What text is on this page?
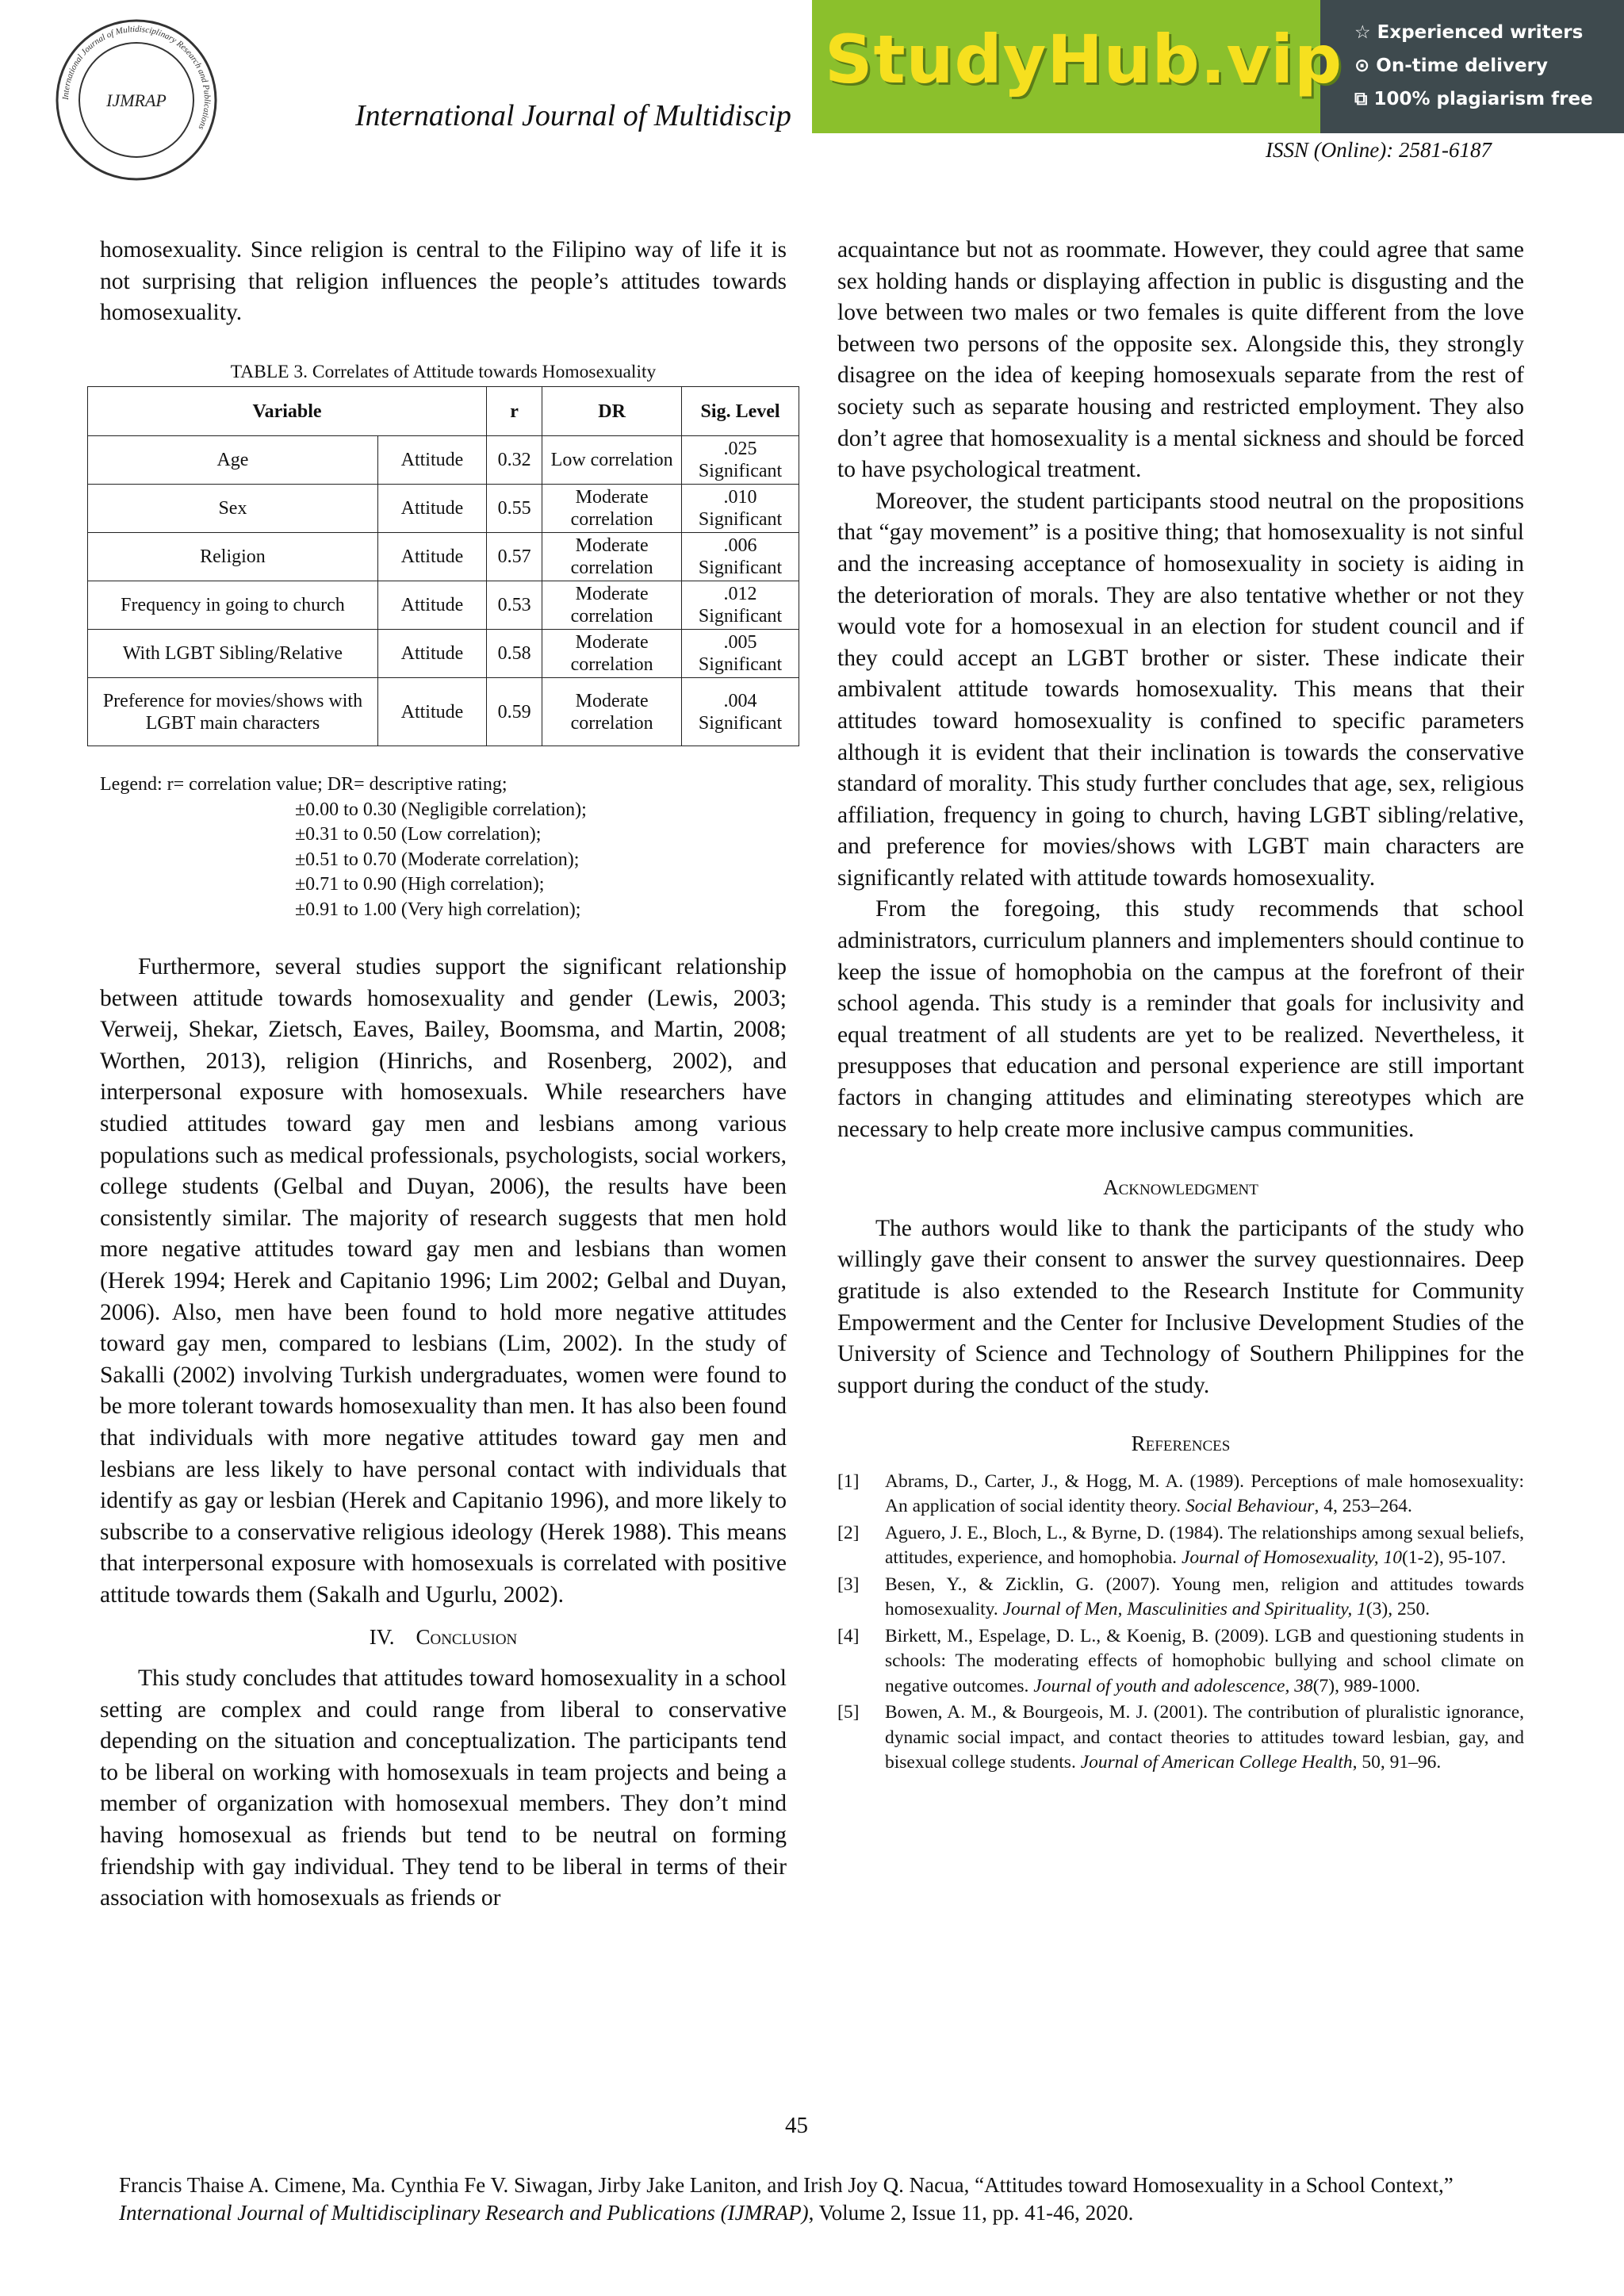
International Journal of Multidisciplinary Research and Publications
IJMRAP	International Journal of Multidiscip
ISSN (Online): 2581-6187
StudyHub.vip ☆ Experienced writers
⊙ On-time delivery
⧉ 100% plagiarism free

homosexuality. Since religion is central to the Filipino way of life it is not surprising that religion influences the people’s attitudes towards homosexuality.

TABLE 3. Correlates of Attitude towards Homosexuality
Variable		r	DR	Sig. Level
Age	Attitude	0.32	Low correlation	.025 Significant
Sex	Attitude	0.55	Moderate correlation	.010 Significant
Religion	Attitude	0.57	Moderate correlation	.006 Significant
Frequency in going to church	Attitude	0.53	Moderate correlation	.012 Significant
With LGBT Sibling/Relative	Attitude	0.58	Moderate correlation	.005 Significant
Preference for movies/shows with LGBT main characters	Attitude	0.59	Moderate correlation	.004 Significant
Legend: r= correlation value; DR= descriptive rating;
±0.00 to 0.30 (Negligible correlation);
±0.31 to 0.50 (Low correlation);
±0.51 to 0.70 (Moderate correlation);
±0.71 to 0.90 (High correlation);
±0.91 to 1.00 (Very high correlation);

Furthermore, several studies support the significant relationship between attitude towards homosexuality and gender (Lewis, 2003; Verweij, Shekar, Zietsch, Eaves, Bailey, Boomsma, and Martin, 2008; Worthen, 2013), religion (Hinrichs, and Rosenberg, 2002), and interpersonal exposure with homosexuals. While researchers have studied attitudes toward gay men and lesbians among various populations such as medical professionals, psychologists, social workers, college students (Gelbal and Duyan, 2006), the results have been consistently similar. The majority of research suggests that men hold more negative attitudes toward gay men and lesbians than women (Herek 1994; Herek and Capitanio 1996; Lim 2002; Gelbal and Duyan, 2006). Also, men have been found to hold more negative attitudes toward gay men, compared to lesbians (Lim, 2002). In the study of Sakalli (2002) involving Turkish undergraduates, women were found to be more tolerant towards homosexuality than men. It has also been found that individuals with more negative attitudes toward gay men and lesbians are less likely to have personal contact with individuals that identify as gay or lesbian (Herek and Capitanio 1996), and more likely to subscribe to a conservative religious ideology (Herek 1988). This means that interpersonal exposure with homosexuals is correlated with positive attitude towards them (Sakalh and Ugurlu, 2002).

IV. Conclusion

This study concludes that attitudes toward homosexuality in a school setting are complex and could range from liberal to conservative depending on the situation and conceptualization. The participants tend to be liberal on working with homosexuals in team projects and being a member of organization with homosexual members. They don’t mind having homosexual as friends but tend to be neutral on forming friendship with gay individual. They tend to be liberal in terms of their association with homosexuals as friends or

acquaintance but not as roommate. However, they could agree that same sex holding hands or displaying affection in public is disgusting and the love between two males or two females is quite different from the love between two persons of the opposite sex. Alongside this, they strongly disagree on the idea of keeping homosexuals separate from the rest of society such as separate housing and restricted employment. They also don’t agree that homosexuality is a mental sickness and should be forced to have psychological treatment.

Moreover, the student participants stood neutral on the propositions that “gay movement” is a positive thing; that homosexuality is not sinful and the increasing acceptance of homosexuality in society is aiding in the deterioration of morals. They are also tentative whether or not they would vote for a homosexual in an election for student council and if they could accept an LGBT brother or sister. These indicate their ambivalent attitude towards homosexuality. This means that their attitudes toward homosexuality is confined to specific parameters although it is evident that their inclination is towards the conservative standard of morality. This study further concludes that age, sex, religious affiliation, frequency in going to church, having LGBT sibling/relative, and preference for movies/shows with LGBT main characters are significantly related with attitude towards homosexuality.

From the foregoing, this study recommends that school administrators, curriculum planners and implementers should continue to keep the issue of homophobia on the campus at the forefront of their school agenda. This study is a reminder that goals for inclusivity and equal treatment of all students are yet to be realized. Nevertheless, it presupposes that education and personal experience are still important factors in changing attitudes and eliminating stereotypes which are necessary to help create more inclusive campus communities.

Acknowledgment

The authors would like to thank the participants of the study who willingly gave their consent to answer the survey questionnaires. Deep gratitude is also extended to the Research Institute for Community Empowerment and the Center for Inclusive Development Studies of the University of Science and Technology of Southern Philippines for the support during the conduct of the study.

References
[1] Abrams, D., Carter, J., & Hogg, M. A. (1989). Perceptions of male homosexuality: An application of social identity theory. Social Behaviour, 4, 253–264.
[2] Aguero, J. E., Bloch, L., & Byrne, D. (1984). The relationships among sexual beliefs, attitudes, experience, and homophobia. Journal of Homosexuality, 10(1-2), 95-107.
[3] Besen, Y., & Zicklin, G. (2007). Young men, religion and attitudes towards homosexuality. Journal of Men, Masculinities and Spirituality, 1(3), 250.
[4] Birkett, M., Espelage, D. L., & Koenig, B. (2009). LGB and questioning students in schools: The moderating effects of homophobic bullying and school climate on negative outcomes. Journal of youth and adolescence, 38(7), 989-1000.
[5] Bowen, A. M., & Bourgeois, M. J. (2001). The contribution of pluralistic ignorance, dynamic social impact, and contact theories to attitudes toward lesbian, gay, and bisexual college students. Journal of American College Health, 50, 91–96.
45
Francis Thaise A. Cimene, Ma. Cynthia Fe V. Siwagan, Jirby Jake Laniton, and Irish Joy Q. Nacua, “Attitudes toward Homosexuality in a School Context,” International Journal of Multidisciplinary Research and Publications (IJMRAP), Volume 2, Issue 11, pp. 41-46, 2020.
